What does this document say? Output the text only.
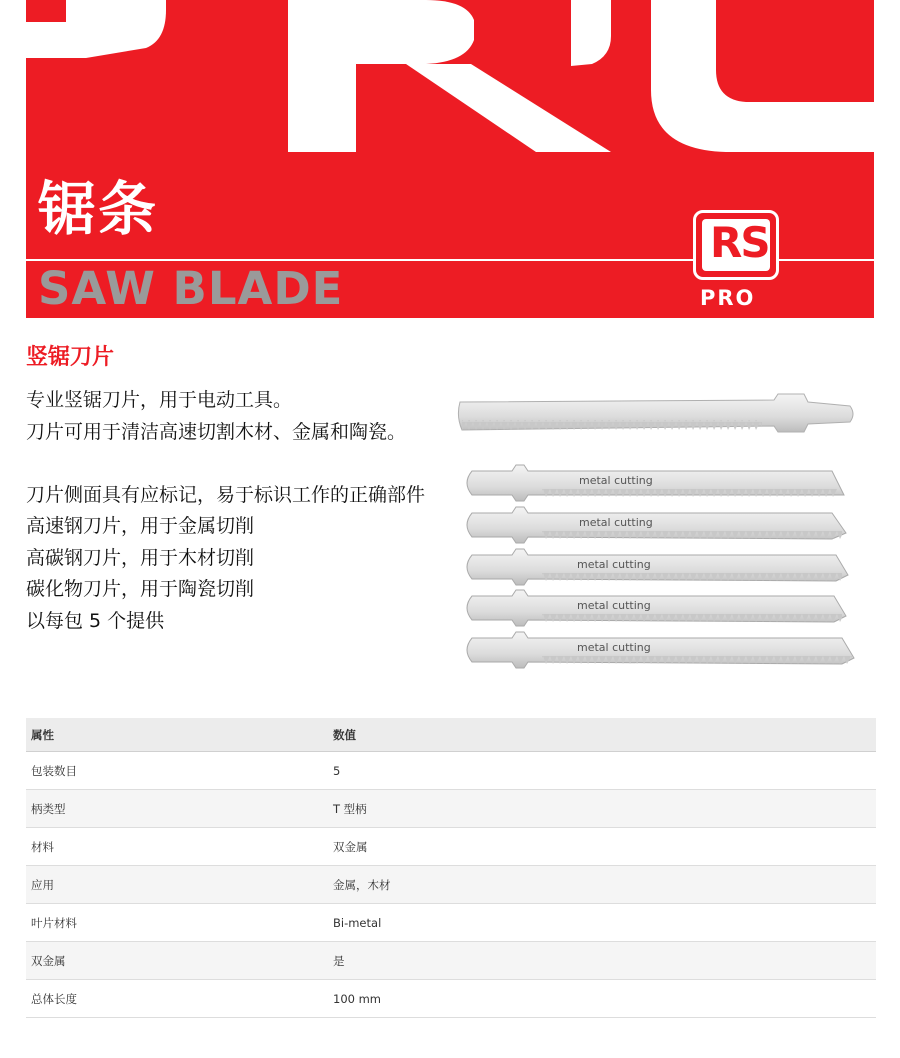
锯条
SAW BLADE
RS
PRO
竖锯刀片
专业竖锯刀片，用于电动工具。
刀片可用于清洁高速切割木材、金属和陶瓷。
刀片侧面具有应标记，易于标识工作的正确部件
高速钢刀片，用于金属切削
高碳钢刀片，用于木材切削
碳化物刀片，用于陶瓷切削
以每包 5 个提供
metal cutting
metal cutting
metal cutting
metal cutting
metal cutting
属性	数值
包装数目	5
柄类型	T 型柄
材料	双金属
应用	金属，木材
叶片材料	Bi-metal
双金属	是
总体长度	100 mm
